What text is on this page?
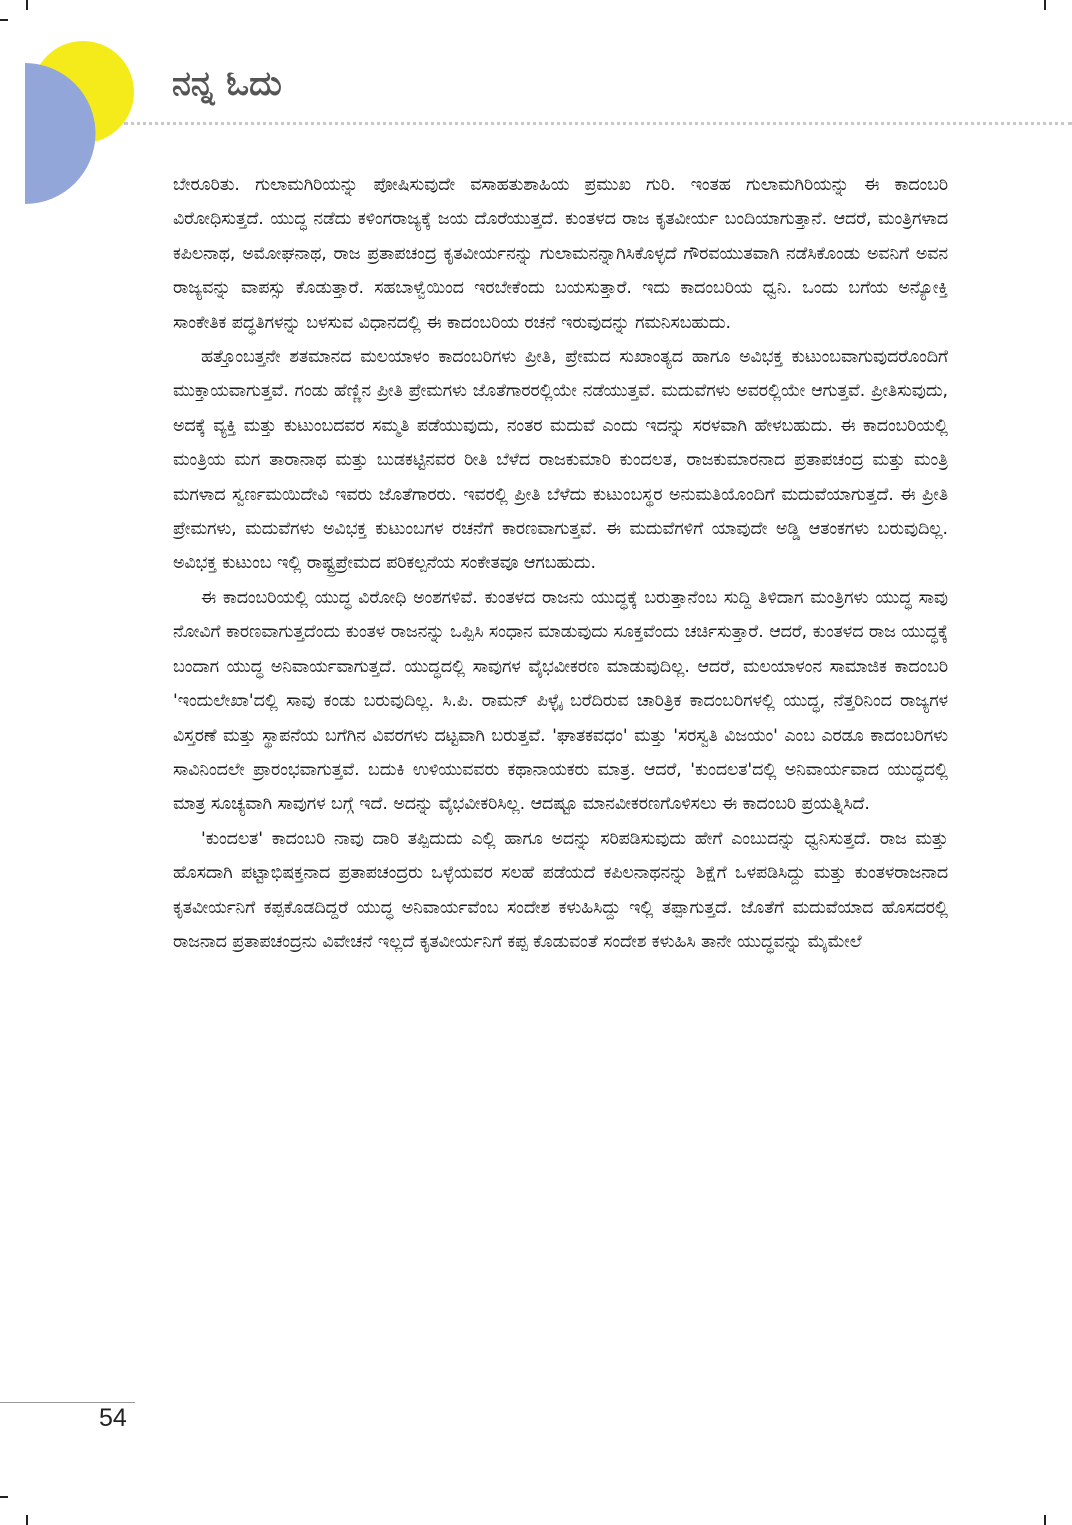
ನನ್ನ ಓದು

ಬೇರೂರಿತು. ಗುಲಾಮಗಿರಿಯನ್ನು ಪೋಷಿಸುವುದೇ ವಸಾಹತುಶಾಹಿಯ ಪ್ರಮುಖ ಗುರಿ. ಇಂತಹ ಗುಲಾಮಗಿರಿಯನ್ನು ಈ ಕಾದಂಬರಿ ವಿರೋಧಿಸುತ್ತದೆ. ಯುದ್ಧ ನಡೆದು ಕಳಿಂಗರಾಜ್ಯಕ್ಕೆ ಜಯ ದೊರೆಯುತ್ತದೆ. ಕುಂತಳದ ರಾಜ ಕೃತವೀರ್ಯ ಬಂದಿಯಾಗುತ್ತಾನೆ. ಆದರೆ, ಮಂತ್ರಿಗಳಾದ ಕಪಿಲನಾಥ, ಅಮೋಘನಾಥ, ರಾಜ ಪ್ರತಾಪಚಂದ್ರ ಕೃತವೀರ್ಯನನ್ನು ಗುಲಾಮನನ್ನಾಗಿಸಿಕೊಳ್ಳದೆ ಗೌರವಯುತವಾಗಿ ನಡೆಸಿಕೊಂಡು ಅವನಿಗೆ ಅವನ ರಾಜ್ಯವನ್ನು ವಾಪಸ್ಸು ಕೊಡುತ್ತಾರೆ. ಸಹಬಾಳ್ವೆಯಿಂದ ಇರಬೇಕೆಂದು ಬಯಸುತ್ತಾರೆ. ಇದು ಕಾದಂಬರಿಯ ಧ್ವನಿ. ಒಂದು ಬಗೆಯ ಅನ್ಯೋಕ್ತಿ ಸಾಂಕೇತಿಕ ಪದ್ಧತಿಗಳನ್ನು ಬಳಸುವ ವಿಧಾನದಲ್ಲಿ ಈ ಕಾದಂಬರಿಯ ರಚನೆ ಇರುವುದನ್ನು ಗಮನಿಸಬಹುದು.

ಹತ್ತೊಂಬತ್ತನೇ ಶತಮಾನದ ಮಲಯಾಳಂ ಕಾದಂಬರಿಗಳು ಪ್ರೀತಿ, ಪ್ರೇಮದ ಸುಖಾಂತ್ಯದ ಹಾಗೂ ಅವಿಭಕ್ತ ಕುಟುಂಬವಾಗುವುದರೊಂದಿಗೆ ಮುಕ್ತಾಯವಾಗುತ್ತವೆ. ಗಂಡು ಹೆಣ್ಣಿನ ಪ್ರೀತಿ ಪ್ರೇಮಗಳು ಜೊತೆಗಾರರಲ್ಲಿಯೇ ನಡೆಯುತ್ತವೆ. ಮದುವೆಗಳು ಅವರಲ್ಲಿಯೇ ಆಗುತ್ತವೆ. ಪ್ರೀತಿಸುವುದು, ಅದಕ್ಕೆ ವ್ಯಕ್ತಿ ಮತ್ತು ಕುಟುಂಬದವರ ಸಮ್ಮತಿ ಪಡೆಯುವುದು, ನಂತರ ಮದುವೆ ಎಂದು ಇದನ್ನು ಸರಳವಾಗಿ ಹೇಳಬಹುದು. ಈ ಕಾದಂಬರಿಯಲ್ಲಿ ಮಂತ್ರಿಯ ಮಗ ತಾರಾನಾಥ ಮತ್ತು ಬುಡಕಟ್ಟಿನವರ ರೀತಿ ಬೆಳೆದ ರಾಜಕುಮಾರಿ ಕುಂದಲತ, ರಾಜಕುಮಾರನಾದ ಪ್ರತಾಪಚಂದ್ರ ಮತ್ತು ಮಂತ್ರಿ ಮಗಳಾದ ಸ್ವರ್ಣಮಯಿದೇವಿ ಇವರು ಜೊತೆಗಾರರು. ಇವರಲ್ಲಿ ಪ್ರೀತಿ ಬೆಳೆದು ಕುಟುಂಬಸ್ಥರ ಅನುಮತಿಯೊಂದಿಗೆ ಮದುವೆಯಾಗುತ್ತದೆ. ಈ ಪ್ರೀತಿ ಪ್ರೇಮಗಳು, ಮದುವೆಗಳು ಅವಿಭಕ್ತ ಕುಟುಂಬಗಳ ರಚನೆಗೆ ಕಾರಣವಾಗುತ್ತವೆ. ಈ ಮದುವೆಗಳಿಗೆ ಯಾವುದೇ ಅಡ್ಡಿ ಆತಂಕಗಳು ಬರುವುದಿಲ್ಲ. ಅವಿಭಕ್ತ ಕುಟುಂಬ ಇಲ್ಲಿ ರಾಷ್ಟ್ರಪ್ರೇಮದ ಪರಿಕಲ್ಪನೆಯ ಸಂಕೇತವೂ ಆಗಬಹುದು.

ಈ ಕಾದಂಬರಿಯಲ್ಲಿ ಯುದ್ಧ ವಿರೋಧಿ ಅಂಶಗಳಿವೆ. ಕುಂತಳದ ರಾಜನು ಯುದ್ಧಕ್ಕೆ ಬರುತ್ತಾನೆಂಬ ಸುದ್ದಿ ತಿಳಿದಾಗ ಮಂತ್ರಿಗಳು ಯುದ್ಧ ಸಾವು ನೋವಿಗೆ ಕಾರಣವಾಗುತ್ತದೆಂದು ಕುಂತಳ ರಾಜನನ್ನು ಒಪ್ಪಿಸಿ ಸಂಧಾನ ಮಾಡುವುದು ಸೂಕ್ತವೆಂದು ಚರ್ಚಿಸುತ್ತಾರೆ. ಆದರೆ, ಕುಂತಳದ ರಾಜ ಯುದ್ಧಕ್ಕೆ ಬಂದಾಗ ಯುದ್ಧ ಅನಿವಾರ್ಯವಾಗುತ್ತದೆ. ಯುದ್ಧದಲ್ಲಿ ಸಾವುಗಳ ವೈಭವೀಕರಣ ಮಾಡುವುದಿಲ್ಲ. ಆದರೆ, ಮಲಯಾಳಂನ ಸಾಮಾಜಿಕ ಕಾದಂಬರಿ 'ಇಂದುಲೇಖಾ'ದಲ್ಲಿ ಸಾವು ಕಂಡು ಬರುವುದಿಲ್ಲ. ಸಿ.ಪಿ. ರಾಮನ್ ಪಿಳ್ಳೈ ಬರೆದಿರುವ ಚಾರಿತ್ರಿಕ ಕಾದಂಬರಿಗಳಲ್ಲಿ ಯುದ್ಧ, ನೆತ್ತರಿನಿಂದ ರಾಜ್ಯಗಳ ವಿಸ್ತರಣೆ ಮತ್ತು ಸ್ಥಾಪನೆಯ ಬಗೆಗಿನ ವಿವರಗಳು ದಟ್ಟವಾಗಿ ಬರುತ್ತವೆ. 'ಘಾತಕವಧಂ' ಮತ್ತು 'ಸರಸ್ವತಿ ವಿಜಯಂ' ಎಂಬ ಎರಡೂ ಕಾದಂಬರಿಗಳು ಸಾವಿನಿಂದಲೇ ಪ್ರಾರಂಭವಾಗುತ್ತವೆ. ಬದುಕಿ ಉಳಿಯುವವರು ಕಥಾನಾಯಕರು ಮಾತ್ರ. ಆದರೆ, 'ಕುಂದಲತ'ದಲ್ಲಿ ಅನಿವಾರ್ಯವಾದ ಯುದ್ಧದಲ್ಲಿ ಮಾತ್ರ ಸೂಚ್ಯವಾಗಿ ಸಾವುಗಳ ಬಗ್ಗೆ ಇದೆ. ಅದನ್ನು ವೈಭವೀಕರಿಸಿಲ್ಲ. ಆದಷ್ಟೂ ಮಾನವೀಕರಣಗೊಳಿಸಲು ಈ ಕಾದಂಬರಿ ಪ್ರಯತ್ನಿಸಿದೆ.

'ಕುಂದಲತ' ಕಾದಂಬರಿ ನಾವು ದಾರಿ ತಪ್ಪಿದುದು ಎಲ್ಲಿ ಹಾಗೂ ಅದನ್ನು ಸರಿಪಡಿಸುವುದು ಹೇಗೆ ಎಂಬುದನ್ನು ಧ್ವನಿಸುತ್ತದೆ. ರಾಜ ಮತ್ತು ಹೊಸದಾಗಿ ಪಟ್ಟಾಭಿಷಕ್ತನಾದ ಪ್ರತಾಪಚಂದ್ರರು ಒಳ್ಳೆಯವರ ಸಲಹೆ ಪಡೆಯದೆ ಕಪಿಲನಾಥನನ್ನು ಶಿಕ್ಷೆಗೆ ಒಳಪಡಿಸಿದ್ದು ಮತ್ತು ಕುಂತಳರಾಜನಾದ ಕೃತವೀರ್ಯನಿಗೆ ಕಪ್ಪಕೊಡದಿದ್ದರೆ ಯುದ್ಧ ಅನಿವಾರ್ಯವೆಂಬ ಸಂದೇಶ ಕಳುಹಿಸಿದ್ದು ಇಲ್ಲಿ ತಪ್ಪಾಗುತ್ತದೆ. ಜೊತೆಗೆ ಮದುವೆಯಾದ ಹೊಸದರಲ್ಲಿ ರಾಜನಾದ ಪ್ರತಾಪಚಂದ್ರನು ವಿವೇಚನೆ ಇಲ್ಲದೆ ಕೃತವೀರ್ಯನಿಗೆ ಕಪ್ಪ ಕೊಡುವಂತೆ ಸಂದೇಶ ಕಳುಹಿಸಿ ತಾನೇ ಯುದ್ಧವನ್ನು ಮೈಮೇಲೆ

54
